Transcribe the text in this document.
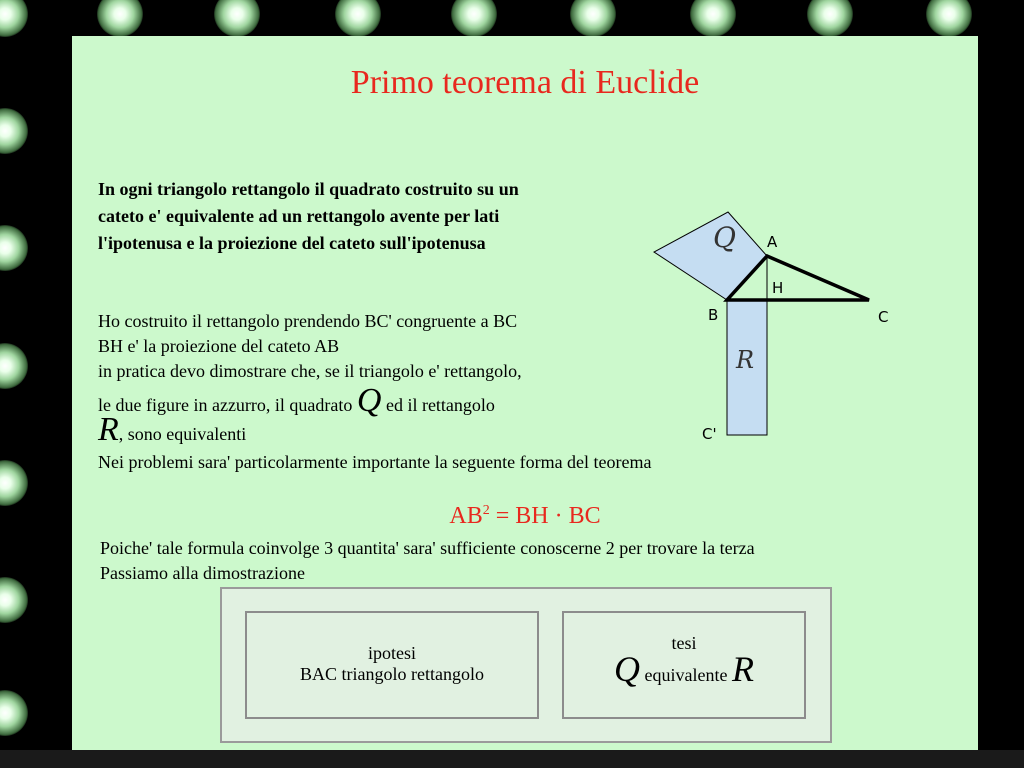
Primo teorema di Euclide
In ogni triangolo rettangolo il quadrato costruito su un
cateto e' equivalente ad un rettangolo avente per lati
l'ipotenusa e la proiezione del cateto sull'ipotenusa
Ho costruito il rettangolo prendendo BC' congruente a BC
BH e' la proiezione del cateto AB
in pratica devo dimostrare che, se il triangolo e' rettangolo,
le due figure in azzurro, il quadrato Q ed il rettangolo
R, sono equivalenti
Nei problemi sara' particolarmente importante la seguente forma del teorema
$AB^2$ = BH · BC
Poiche' tale formula coinvolge 3 quantita' sara' sufficiente conoscerne 2 per trovare la terza
Passiamo alla dimostrazione
ipotesi
BAC triangolo rettangolo
tesi
Q equivalente R
Q
R
A
B	C
H
C'
